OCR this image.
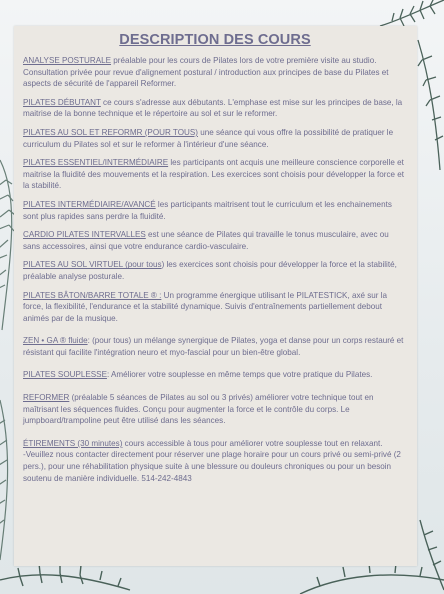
DESCRIPTION DES COURS

ANALYSE POSTURALE préalable pour les cours de Pilates lors de votre première visite au studio. Consultation privée pour revue d'alignement postural / introduction aux principes de base du Pilates et aspects de sécurité de l'appareil Reformer.

PILATES DÉBUTANT ce cours s'adresse aux débutants. L'emphase est mise sur les principes de base, la maitrise de la bonne technique et le répertoire au sol et sur le reformer.

PILATES AU SOL ET REFORMR (POUR TOUS) une séance qui vous offre la possibilité de pratiquer le curriculum du Pilates sol et sur le reformer à l'intérieur d'une séance.

PILATES ESSENTIEL/INTERMÉDIAIRE les participants ont acquis une meilleure conscience corporelle et maitrise la fluidité des mouvements et la respiration. Les exercices sont choisis pour développer la force et la stabilité.

PILATES INTERMÉDIAIRE/AVANCÉ les participants maitrisent tout le curriculum et les enchainements sont plus rapides sans perdre la fluidité.

CARDIO PILATES INTERVALLES est une séance de Pilates qui travaille le tonus musculaire, avec ou sans accessoires, ainsi que votre endurance cardio-vasculaire.

PILATES AU SOL VIRTUEL (pour tous) les exercices sont choisis pour développer la force et la stabilité, préalable analyse posturale.

PILATES BÂTON/BARRE TOTALE ® : Un programme énergique utilisant le PILATESTICK, axé sur la force, la flexibilité, l'endurance et la stabilité dynamique. Suivis d'entraînements partiellement debout animés par de la musique.

ZEN • GA ® fluide: (pour tous) un mélange synergique de Pilates, yoga et danse pour un corps restauré et résistant qui facilite l'intégration neuro et myo-fascial pour un bien-être global.

PILATES SOUPLESSE: Améliorer votre souplesse en même temps que votre pratique du Pilates.

REFORMER (préalable 5 séances de Pilates au sol ou 3 privés) améliorer votre technique tout en maîtrisant les séquences fluides. Conçu pour augmenter la force et le contrôle du corps. Le jumpboard/trampoline peut être utilisé dans les séances.

ÉTIREMENTS (30 minutes) cours accessible à tous pour améliorer votre souplesse tout en relaxant.
-Veuillez nous contacter directement pour réserver une plage horaire pour un cours privé ou semi-privé (2 pers.), pour une réhabilitation physique suite à une blessure ou douleurs chroniques ou pour un besoin soutenu de manière individuelle. 514-242-4843
